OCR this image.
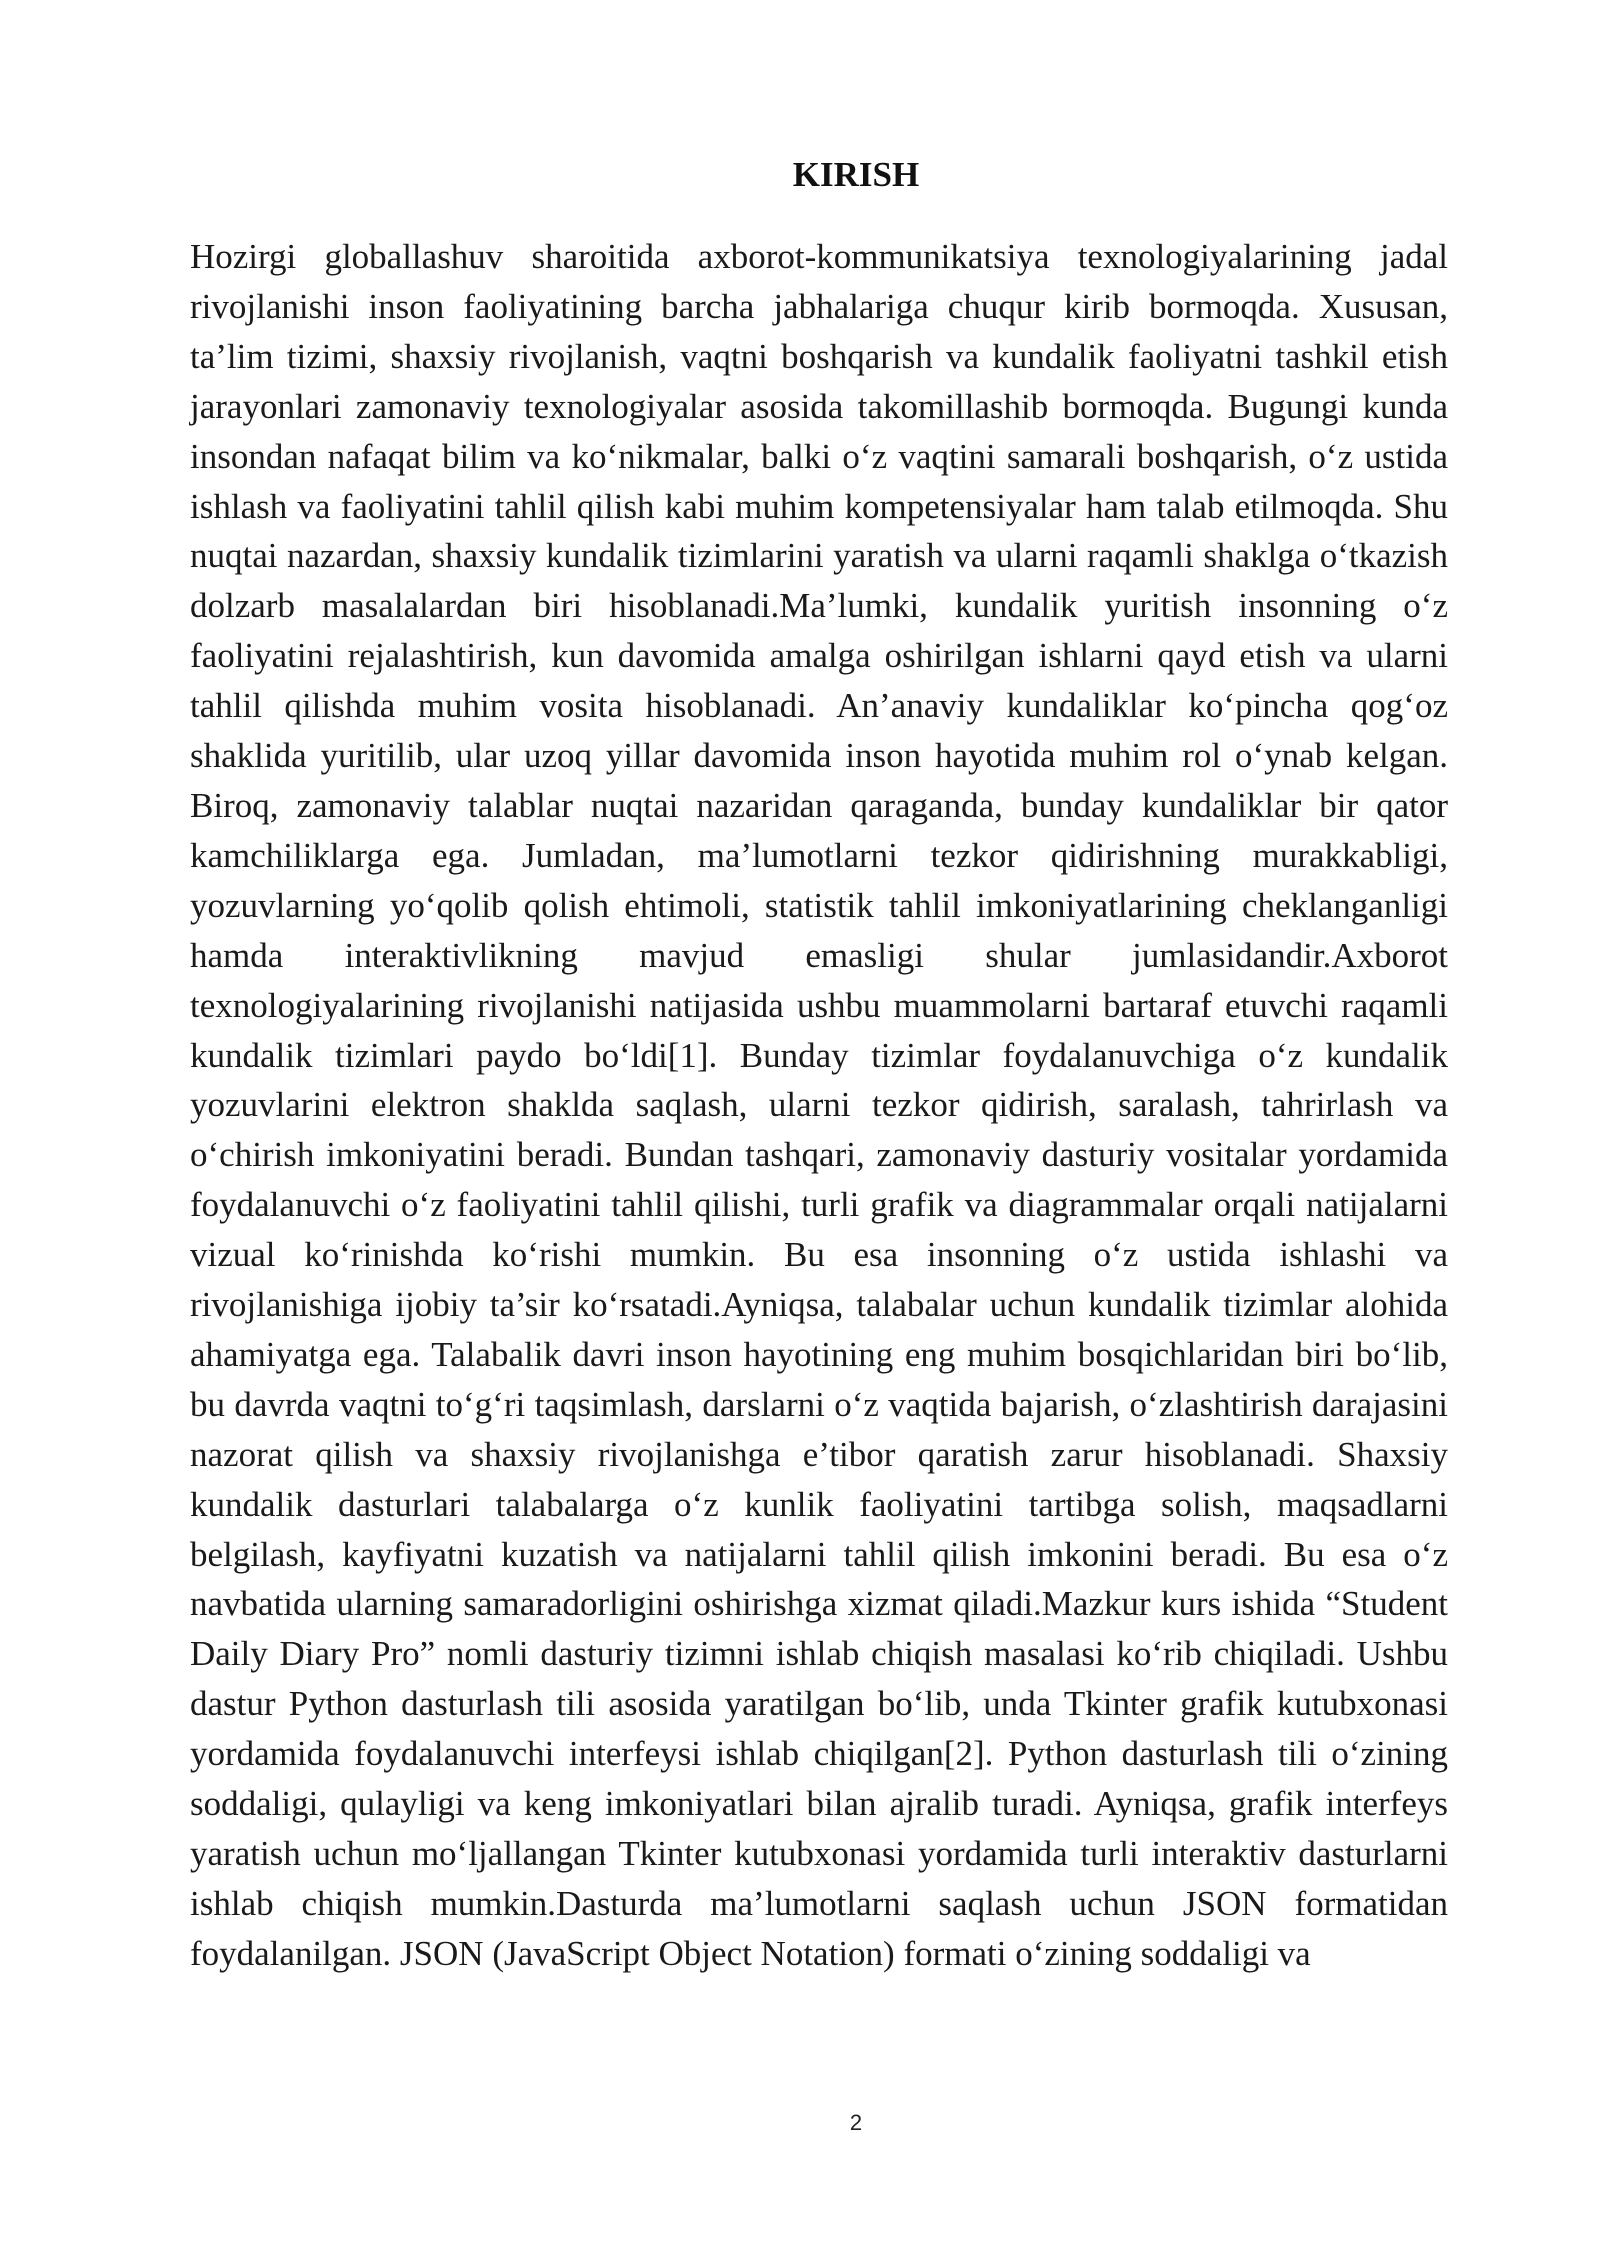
KIRISH

Hozirgi globallashuv sharoitida axborot-kommunikatsiya texnologiyalarining jadal rivojlanishi inson faoliyatining barcha jabhalariga chuqur kirib bormoqda. Xususan, ta’lim tizimi, shaxsiy rivojlanish, vaqtni boshqarish va kundalik faoliyatni tashkil etish jarayonlari zamonaviy texnologiyalar asosida takomillashib bormoqda. Bugungi kunda insondan nafaqat bilim va koʻnikmalar, balki oʻz vaqtini samarali boshqarish, oʻz ustida ishlash va faoliyatini tahlil qilish kabi muhim kompetensiyalar ham talab etilmoqda. Shu nuqtai nazardan, shaxsiy kundalik tizimlarini yaratish va ularni raqamli shaklga oʻtkazish dolzarb masalalardan biri hisoblanadi.Ma’lumki, kundalik yuritish insonning oʻz faoliyatini rejalashtirish, kun davomida amalga oshirilgan ishlarni qayd etish va ularni tahlil qilishda muhim vosita hisoblanadi. An’anaviy kundaliklar koʻpincha qogʻoz shaklida yuritilib, ular uzoq yillar davomida inson hayotida muhim rol oʻynab kelgan. Biroq, zamonaviy talablar nuqtai nazaridan qaraganda, bunday kundaliklar bir qator kamchiliklarga ega. Jumladan, ma’lumotlarni tezkor qidirishning murakkabligi, yozuvlarning yoʻqolib qolish ehtimoli, statistik tahlil imkoniyatlarining cheklanganligi hamda interaktivlikning mavjud emasligi shular jumlasidandir.Axborot texnologiyalarining rivojlanishi natijasida ushbu muammolarni bartaraf etuvchi raqamli kundalik tizimlari paydo boʻldi[1]. Bunday tizimlar foydalanuvchiga oʻz kundalik yozuvlarini elektron shaklda saqlash, ularni tezkor qidirish, saralash, tahrirlash va oʻchirish imkoniyatini beradi. Bundan tashqari, zamonaviy dasturiy vositalar yordamida foydalanuvchi oʻz faoliyatini tahlil qilishi, turli grafik va diagrammalar orqali natijalarni vizual koʻrinishda koʻrishi mumkin. Bu esa insonning oʻz ustida ishlashi va rivojlanishiga ijobiy ta’sir koʻrsatadi.Ayniqsa, talabalar uchun kundalik tizimlar alohida ahamiyatga ega. Talabalik davri inson hayotining eng muhim bosqichlaridan biri boʻlib, bu davrda vaqtni toʻgʻri taqsimlash, darslarni oʻz vaqtida bajarish, oʻzlashtirish darajasini nazorat qilish va shaxsiy rivojlanishga e’tibor qaratish zarur hisoblanadi. Shaxsiy kundalik dasturlari talabalarga oʻz kunlik faoliyatini tartibga solish, maqsadlarni belgilash, kayfiyatni kuzatish va natijalarni tahlil qilish imkonini beradi. Bu esa oʻz navbatida ularning samaradorligini oshirishga xizmat qiladi.Mazkur kurs ishida “Student Daily Diary Pro” nomli dasturiy tizimni ishlab chiqish masalasi koʻrib chiqiladi. Ushbu dastur Python dasturlash tili asosida yaratilgan boʻlib, unda Tkinter grafik kutubxonasi yordamida foydalanuvchi interfeysi ishlab chiqilgan[2]. Python dasturlash tili oʻzining soddaligi, qulayligi va keng imkoniyatlari bilan ajralib turadi. Ayniqsa, grafik interfeys yaratish uchun moʻljallangan Tkinter kutubxonasi yordamida turli interaktiv dasturlarni ishlab chiqish mumkin.Dasturda ma’lumotlarni saqlash uchun JSON formatidan foydalanilgan. JSON (JavaScript Object Notation) formati oʻzining soddaligi va

2
